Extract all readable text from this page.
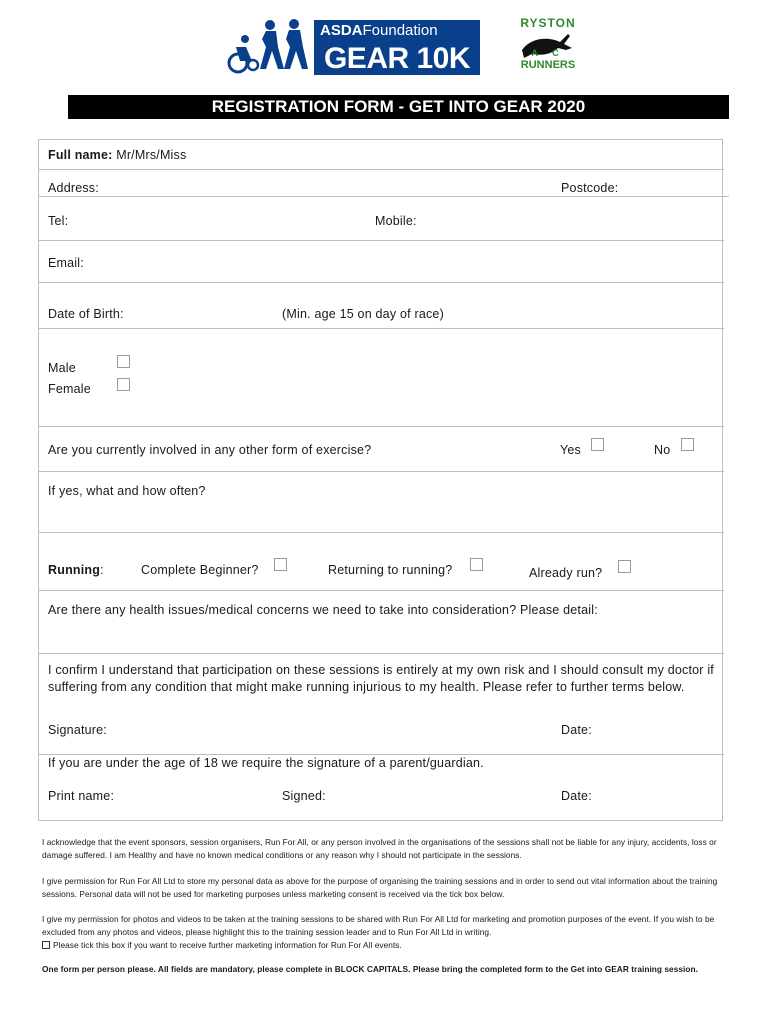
ASDAFoundation
GEAR 10K
RYSTON
A C
RUNNERS
REGISTRATION FORM - GET INTO GEAR 2020
Full name: Mr/Mrs/Miss
Address:	Postcode:
Tel:	Mobile:
Email:
Date of Birth:	(Min. age 15 on day of race)
Male
Female
Are you currently involved in any other form of exercise?	Yes	No
If yes, what and how often?
Running:	Complete Beginner?	Returning to running?	Already run?
Are there any health issues/medical concerns we need to take into consideration? Please detail:
I confirm I understand that participation on these sessions is entirely at my own risk and I should consult my doctor if suffering from any condition that might make running injurious to my health. Please refer to further terms below.
Signature:	Date:
If you are under the age of 18 we require the signature of a parent/guardian.
Print name:	Signed:	Date:
I acknowledge that the event sponsors, session organisers, Run For All, or any person involved in the organisations of the sessions shall not be liable for any injury, accidents, loss or damage suffered. I am Healthy and have no known medical conditions or any reason why I should not participate in the sessions.
I give permission for Run For All Ltd to store my personal data as above for the purpose of organising the training sessions and in order to send out vital information about the training sessions. Personal data will not be used for marketing purposes unless marketing consent is received via the tick box below.
I give my permission for photos and videos to be taken at the training sessions to be shared with Run For All Ltd for marketing and promotion purposes of the event. If you wish to be excluded from any photos and videos, please highlight this to the training session leader and to Run For All Ltd in writing.
Please tick this box if you want to receive further marketing information for Run For All events.
One form per person please. All fields are mandatory, please complete in BLOCK CAPITALS. Please bring the completed form to the Get into GEAR training session.
